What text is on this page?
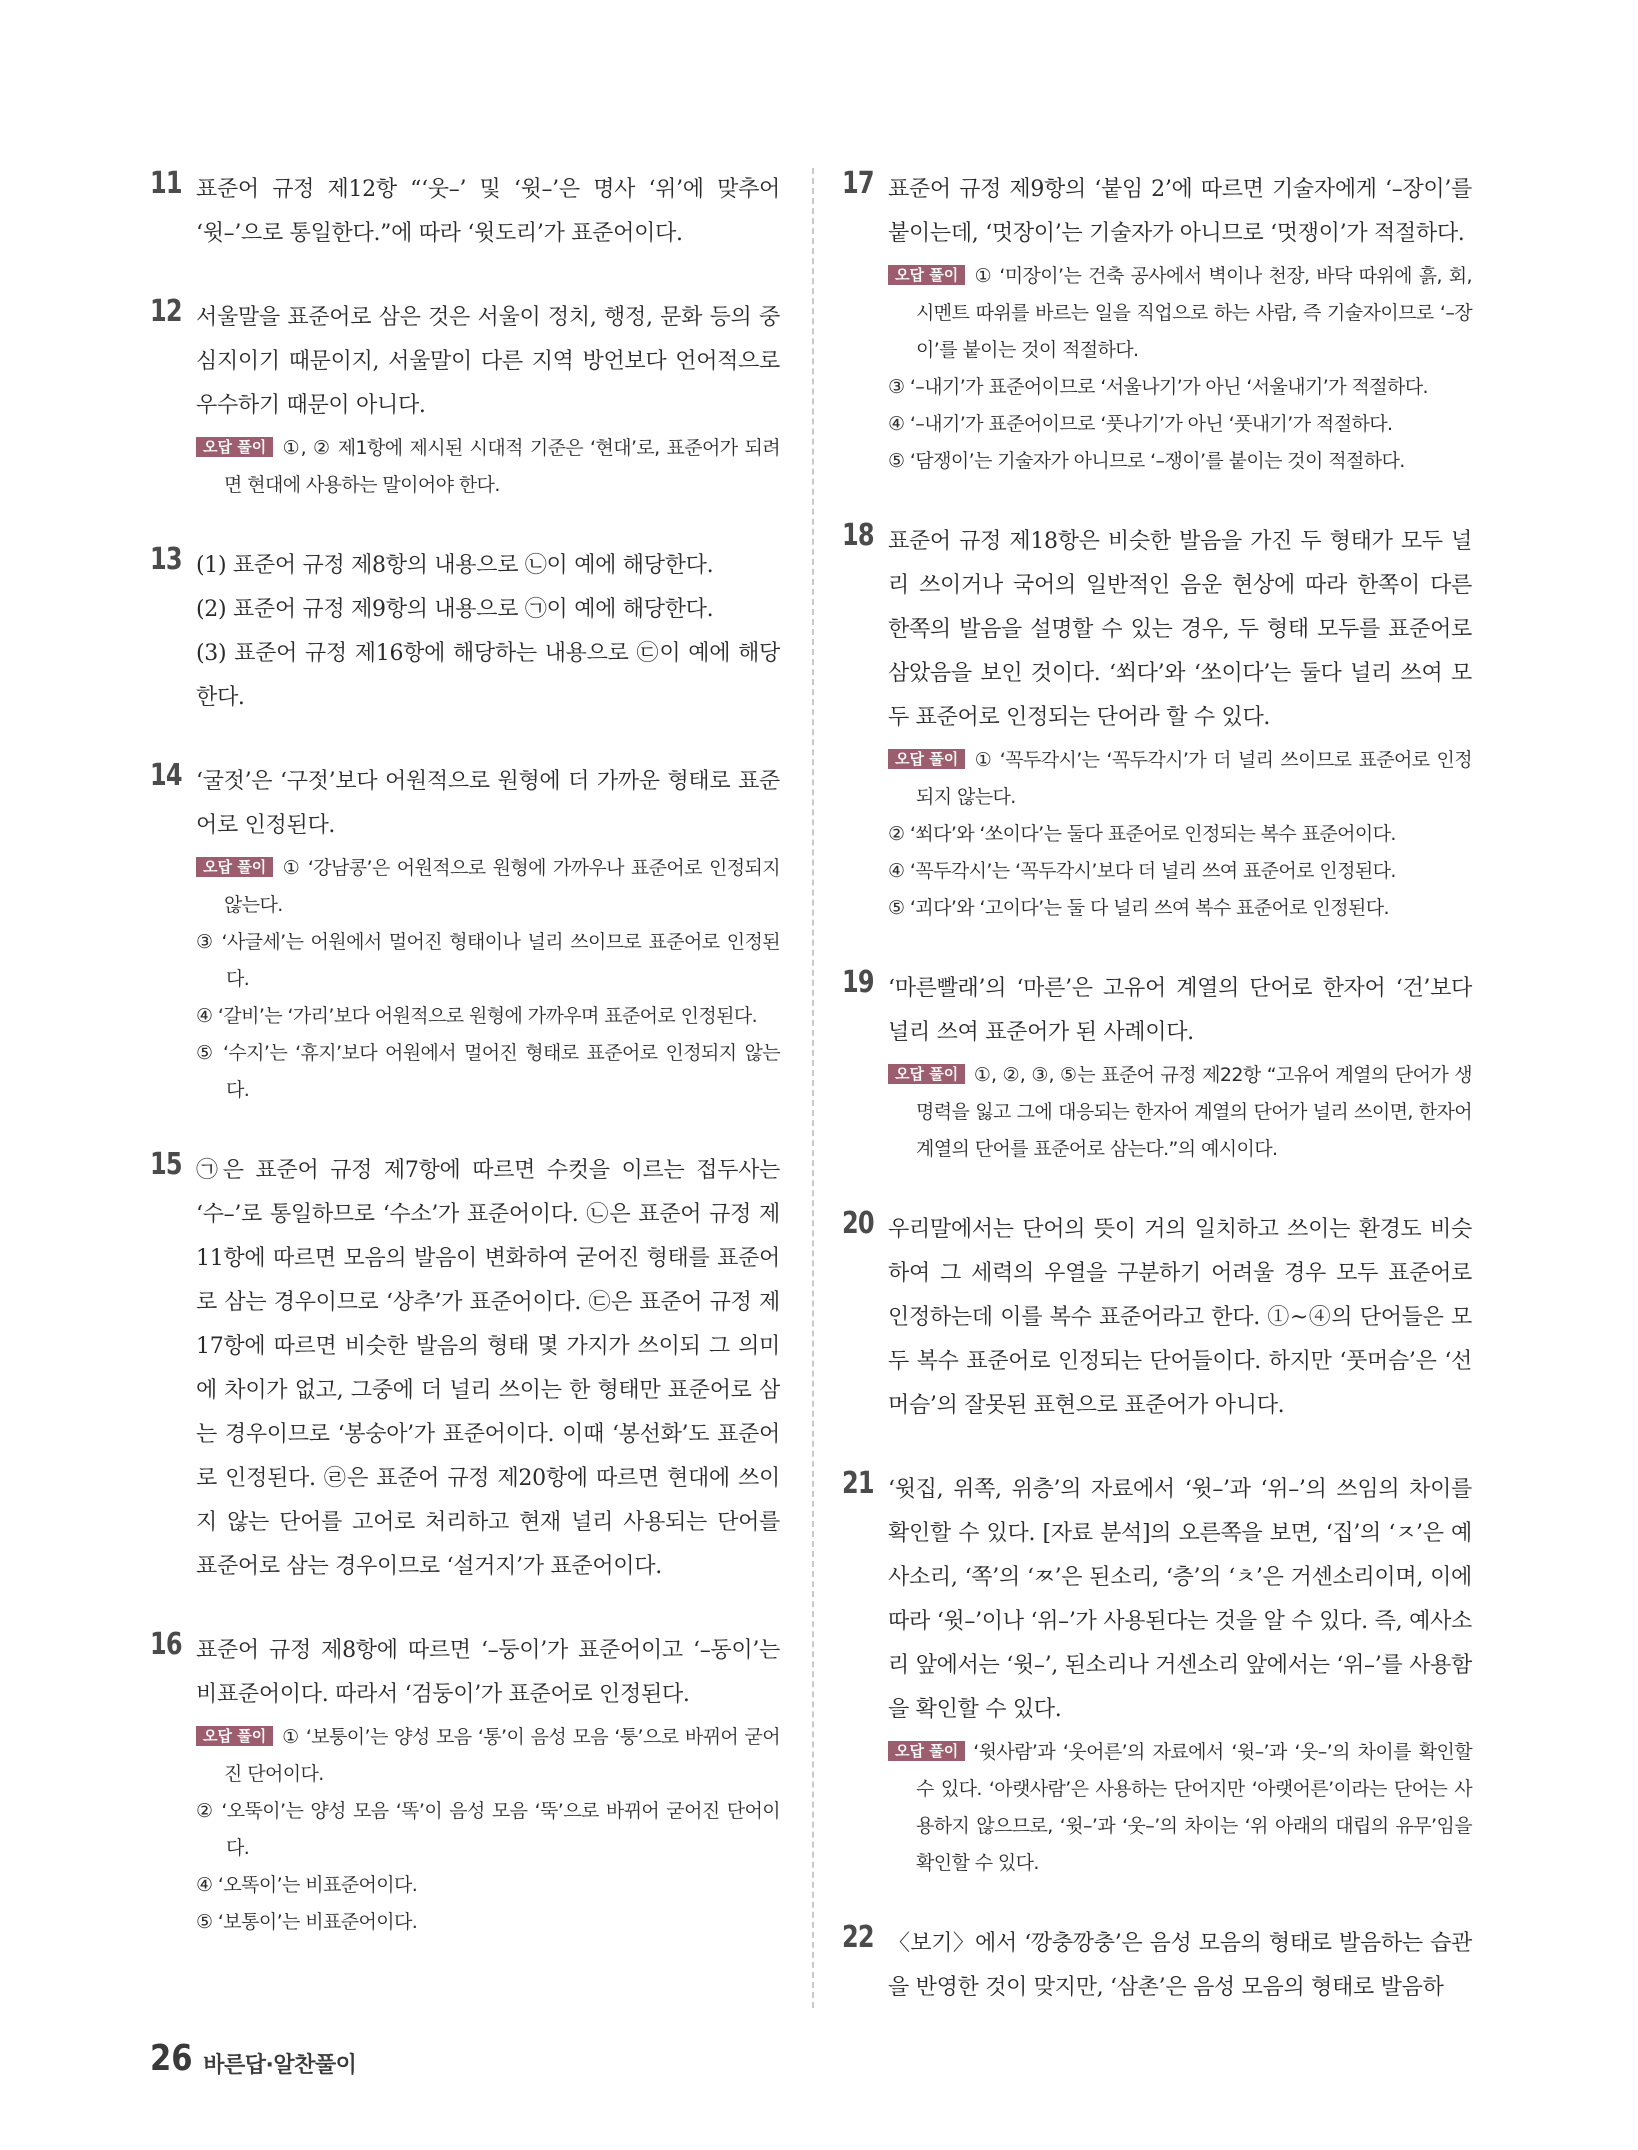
11 표준어 규정 제12항 “‘웃–’ 및 ‘윗–’은 명사 ‘위’에 맞추어 ‘윗–’으로 통일한다.”에 따라 ‘윗도리’가 표준어이다.
12 서울말을 표준어로 삼은 것은 서울이 정치, 행정, 문화 등의 중심지이기 때문이지, 서울말이 다른 지역 방언보다 언어적으로 우수하기 때문이 아니다.
오답 풀이 ①, ② 제1항에 제시된 시대적 기준은 ‘현대’로, 표준어가 되려면 현대에 사용하는 말이어야 한다.
13 (1) 표준어 규정 제8항의 내용으로 ㉡이 예에 해당한다.
(2) 표준어 규정 제9항의 내용으로 ㉠이 예에 해당한다.
(3) 표준어 규정 제16항에 해당하는 내용으로 ㉢이 예에 해당한다.
14 ‘굴젓’은 ‘구젓’보다 어원적으로 원형에 더 가까운 형태로 표준어로 인정된다.
오답 풀이 ① ‘강남콩’은 어원적으로 원형에 가까우나 표준어로 인정되지 않는다.
③ ‘사글세’는 어원에서 멀어진 형태이나 널리 쓰이므로 표준어로 인정된다.
④ ‘갈비’는 ‘가리’보다 어원적으로 원형에 가까우며 표준어로 인정된다.
⑤ ‘수지’는 ‘휴지’보다 어원에서 멀어진 형태로 표준어로 인정되지 않는다.
15 ㉠은 표준어 규정 제7항에 따르면 수컷을 이르는 접두사는 ‘수–’로 통일하므로 ‘수소’가 표준어이다. ㉡은 표준어 규정 제11항에 따르면 모음의 발음이 변화하여 굳어진 형태를 표준어로 삼는 경우이므로 ‘상추’가 표준어이다. ㉢은 표준어 규정 제17항에 따르면 비슷한 발음의 형태 몇 가지가 쓰이되 그 의미에 차이가 없고, 그중에 더 널리 쓰이는 한 형태만 표준어로 삼는 경우이므로 ‘봉숭아’가 표준어이다. 이때 ‘봉선화’도 표준어로 인정된다. ㉣은 표준어 규정 제20항에 따르면 현대에 쓰이지 않는 단어를 고어로 처리하고 현재 널리 사용되는 단어를 표준어로 삼는 경우이므로 ‘설거지’가 표준어이다.
16 표준어 규정 제8항에 따르면 ‘–둥이’가 표준어이고 ‘–동이’는 비표준어이다. 따라서 ‘검둥이’가 표준어로 인정된다.
오답 풀이 ① ‘보퉁이’는 양성 모음 ‘통’이 음성 모음 ‘퉁’으로 바뀌어 굳어진 단어이다.
② ‘오뚝이’는 양성 모음 ‘똑’이 음성 모음 ‘뚝’으로 바뀌어 굳어진 단어이다.
④ ‘오똑이’는 비표준어이다.
⑤ ‘보통이’는 비표준어이다.
17 표준어 규정 제9항의 ‘붙임 2’에 따르면 기술자에게 ‘–장이’를 붙이는데, ‘멋장이’는 기술자가 아니므로 ‘멋쟁이’가 적절하다.
오답 풀이 ① ‘미장이’는 건축 공사에서 벽이나 천장, 바닥 따위에 흙, 회, 시멘트 따위를 바르는 일을 직업으로 하는 사람, 즉 기술자이므로 ‘–장이’를 붙이는 것이 적절하다.
③ ‘–내기’가 표준어이므로 ‘서울나기’가 아닌 ‘서울내기’가 적절하다.
④ ‘–내기’가 표준어이므로 ‘풋나기’가 아닌 ‘풋내기’가 적절하다.
⑤ ‘담쟁이’는 기술자가 아니므로 ‘–쟁이’를 붙이는 것이 적절하다.
18 표준어 규정 제18항은 비슷한 발음을 가진 두 형태가 모두 널리 쓰이거나 국어의 일반적인 음운 현상에 따라 한쪽이 다른 한쪽의 발음을 설명할 수 있는 경우, 두 형태 모두를 표준어로 삼았음을 보인 것이다. ‘쐬다’와 ‘쏘이다’는 둘다 널리 쓰여 모두 표준어로 인정되는 단어라 할 수 있다.
오답 풀이 ① ‘꼭두각시’는 ‘꼭두각시’가 더 널리 쓰이므로 표준어로 인정되지 않는다.
② ‘쐬다’와 ‘쏘이다’는 둘다 표준어로 인정되는 복수 표준어이다.
④ ‘꼭두각시’는 ‘꼭두각시’보다 더 널리 쓰여 표준어로 인정된다.
⑤ ‘괴다’와 ‘고이다’는 둘 다 널리 쓰여 복수 표준어로 인정된다.
19 ‘마른빨래’의 ‘마른’은 고유어 계열의 단어로 한자어 ‘건’보다 널리 쓰여 표준어가 된 사례이다.
오답 풀이 ①, ②, ③, ⑤는 표준어 규정 제22항 “고유어 계열의 단어가 생명력을 잃고 그에 대응되는 한자어 계열의 단어가 널리 쓰이면, 한자어 계열의 단어를 표준어로 삼는다.”의 예시이다.
20 우리말에서는 단어의 뜻이 거의 일치하고 쓰이는 환경도 비슷하여 그 세력의 우열을 구분하기 어려울 경우 모두 표준어로 인정하는데 이를 복수 표준어라고 한다. ①~④의 단어들은 모두 복수 표준어로 인정되는 단어들이다. 하지만 ‘풋머슴’은 ‘선머슴’의 잘못된 표현으로 표준어가 아니다.
21 ‘윗집, 위쪽, 위층’의 자료에서 ‘윗–’과 ‘위–’의 쓰임의 차이를 확인할 수 있다. [자료 분석]의 오른쪽을 보면, ‘집’의 ‘ㅈ’은 예사소리, ‘쪽’의 ‘ㅉ’은 된소리, ‘층’의 ‘ㅊ’은 거센소리이며, 이에 따라 ‘윗–’이나 ‘위–’가 사용된다는 것을 알 수 있다. 즉, 예사소리 앞에서는 ‘윗–’, 된소리나 거센소리 앞에서는 ‘위–’를 사용함을 확인할 수 있다.
오답 풀이 ‘윗사람’과 ‘웃어른’의 자료에서 ‘윗–’과 ‘웃–’의 차이를 확인할 수 있다. ‘아랫사람’은 사용하는 단어지만 ‘아랫어른’이라는 단어는 사용하지 않으므로, ‘윗–’과 ‘웃–’의 차이는 ‘위 아래의 대립의 유무’임을 확인할 수 있다.
22 〈보기〉에서 ‘깡충깡충’은 음성 모음의 형태로 발음하는 습관을 반영한 것이 맞지만, ‘삼촌’은 음성 모음의 형태로 발음하
26 바른답·알찬풀이
